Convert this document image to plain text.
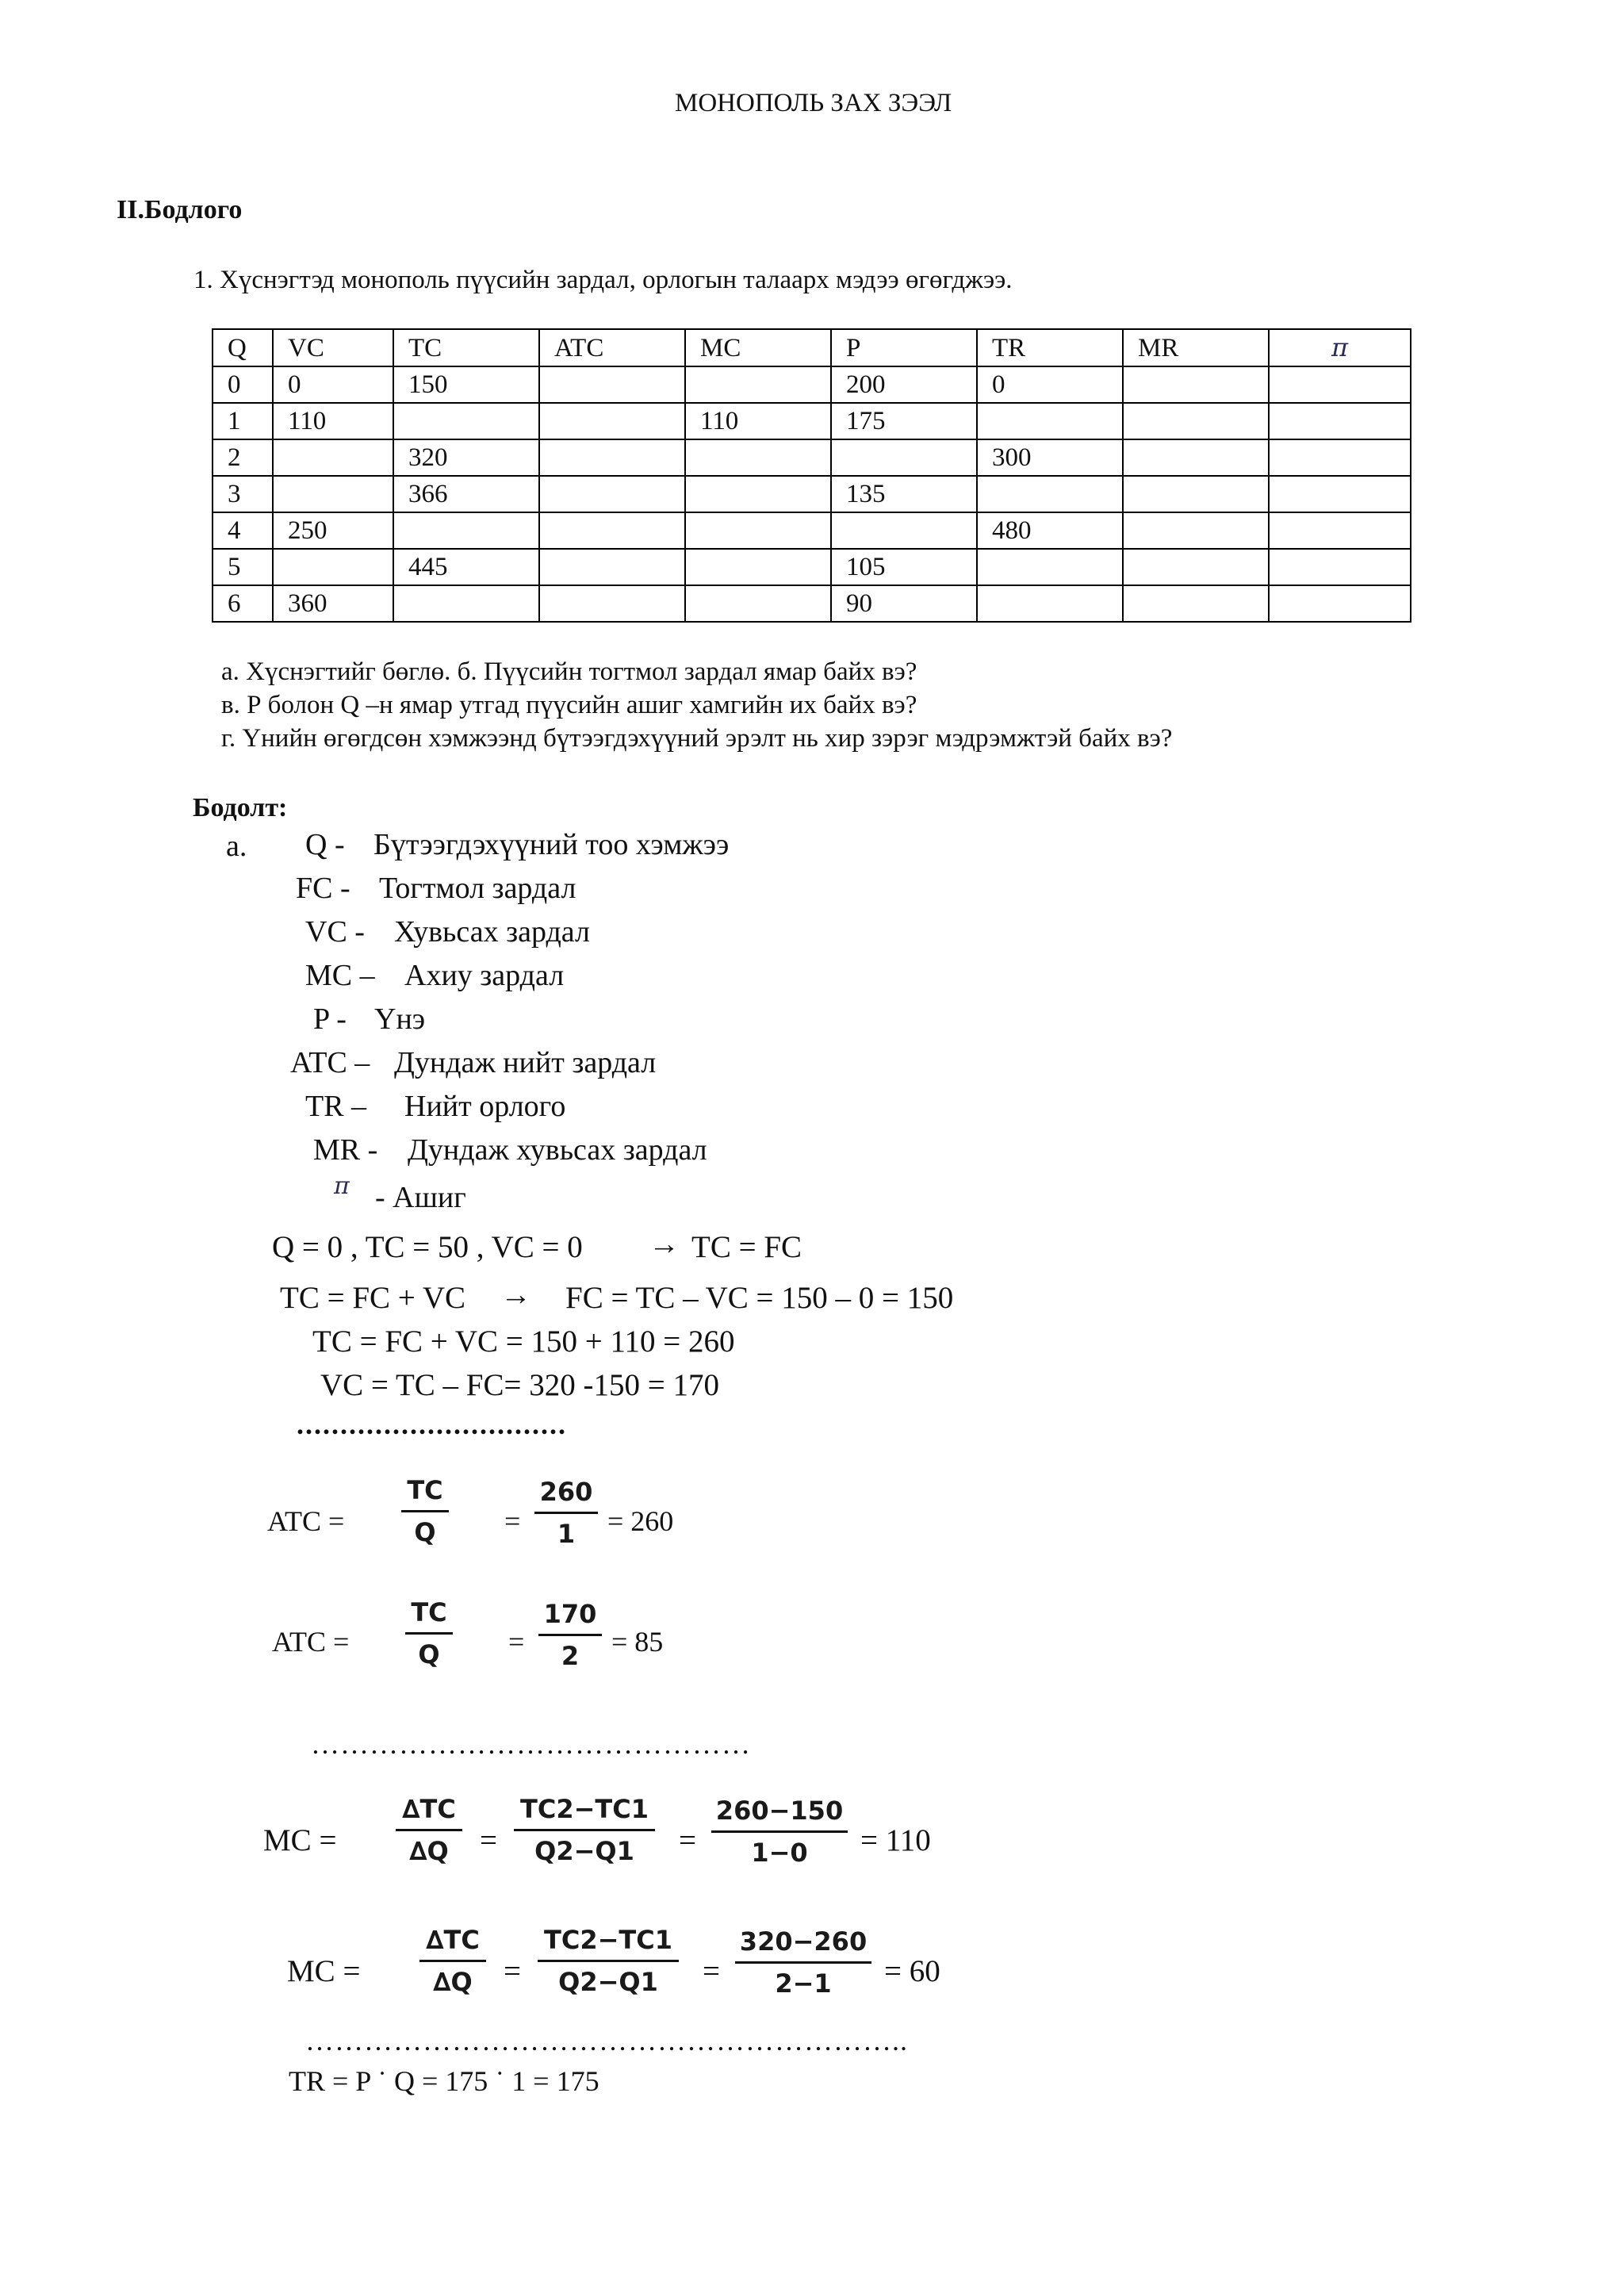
МОНОПОЛЬ ЗАХ ЗЭЭЛ
II.Бодлого
1. Хүснэгтэд монополь пүүсийн зардал, орлогын талаарх мэдээ өгөгджээ.
Q	VC	TC	ATC	MC	P	TR	MR	π
0	0	150			200	0		
1	110			110	175			
2		320				300		
3		366			135			
4	250					480		
5		445			105			
6	360				90			
а. Хүснэгтийг бөглө. б. Пүүсийн тогтмол зардал ямар байх вэ?
в. Р болон Q –н ямар утгад пүүсийн ашиг хамгийн их байх вэ?
г. Үнийн өгөгдсөн хэмжээнд бүтээгдэхүүний эрэлт нь хир зэрэг мэдрэмжтэй байх вэ?
Бодолт:
а. Q - Бүтээгдэхүүний тоо хэмжээ
FC - Тогтмол зардал
VC - Хувьсах зардал
MC – Ахиу зардал
P - Үнэ
ATC – Дундаж нийт зардал
TR – Нийт орлого
MR - Дундаж хувьсах зардал
π - Ашиг
Q = 0 , TC = 50 , VC = 0 → TC = FC
TC = FC + VC → FC = TC – VC = 150 – 0 = 150
TC = FC + VC = 150 + 110 = 260
VC = TC – FC= 320 -150 = 170
...............................
ATC =
TC
Q	=
260
1	= 260
ATC =
TC
Q	=
170
2	= 85
………………………………………
MC =
∆TC
∆Q	=
TC2−TC1
Q2−Q1	=
260−150
1−0	= 110
MC =
∆TC
∆Q	=
TC2−TC1
Q2−Q1	=
320−260
2−1	= 60
……………………………………………………..
TR = P ˙ Q = 175 ˙ 1 = 175
